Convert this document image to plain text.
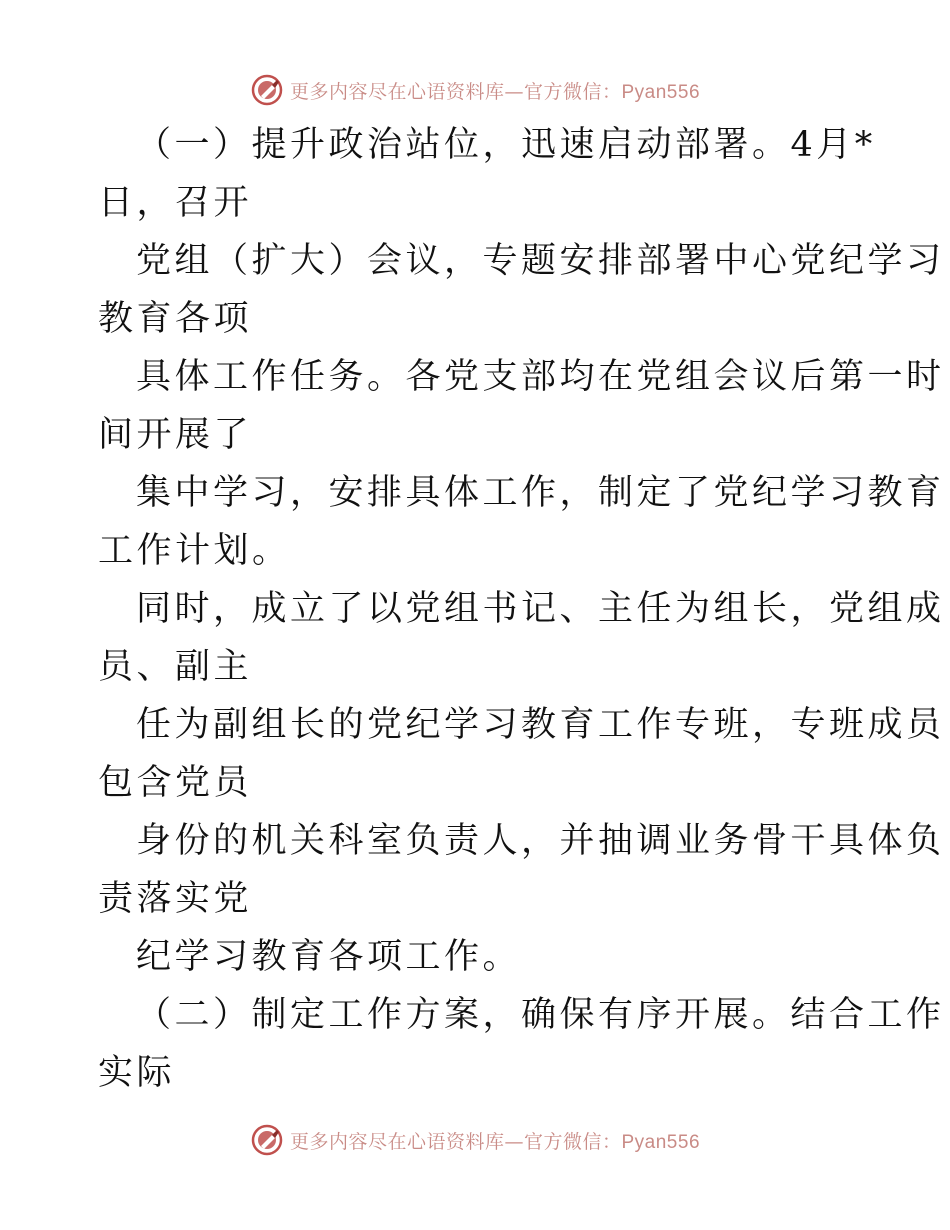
更多内容尽在心语资料库—官方微信：Pyan556
（一）提升政治站位，迅速启动部署。4月*
日，召开
党组（扩大）会议，专题安排部署中心党纪学习
教育各项
具体工作任务。各党支部均在党组会议后第一时
间开展了
集中学习，安排具体工作，制定了党纪学习教育
工作计划。
同时，成立了以党组书记、主任为组长，党组成
员、副主
任为副组长的党纪学习教育工作专班，专班成员
包含党员
身份的机关科室负责人，并抽调业务骨干具体负
责落实党
纪学习教育各项工作。
（二）制定工作方案，确保有序开展。结合工作
实际
更多内容尽在心语资料库—官方微信：Pyan556
